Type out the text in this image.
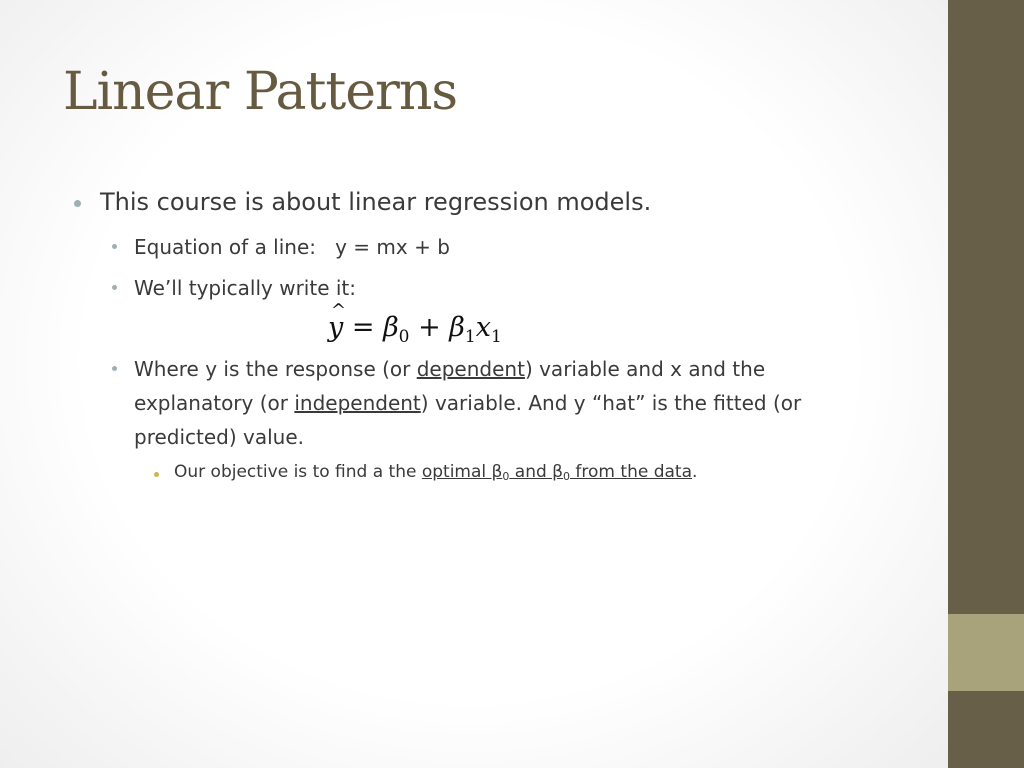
Linear Patterns
This course is about linear regression models.
Equation of a line: y = mx + b
We’ll typically write it:
^ $y = \beta_0 + \beta_1x_1$
Where y is the response (or dependent) variable and x and the explanatory (or independent) variable. And y “hat” is the fitted (or predicted) value.
Our objective is to find a the optimal $\beta_0$ and $\beta_0$ from the data.
